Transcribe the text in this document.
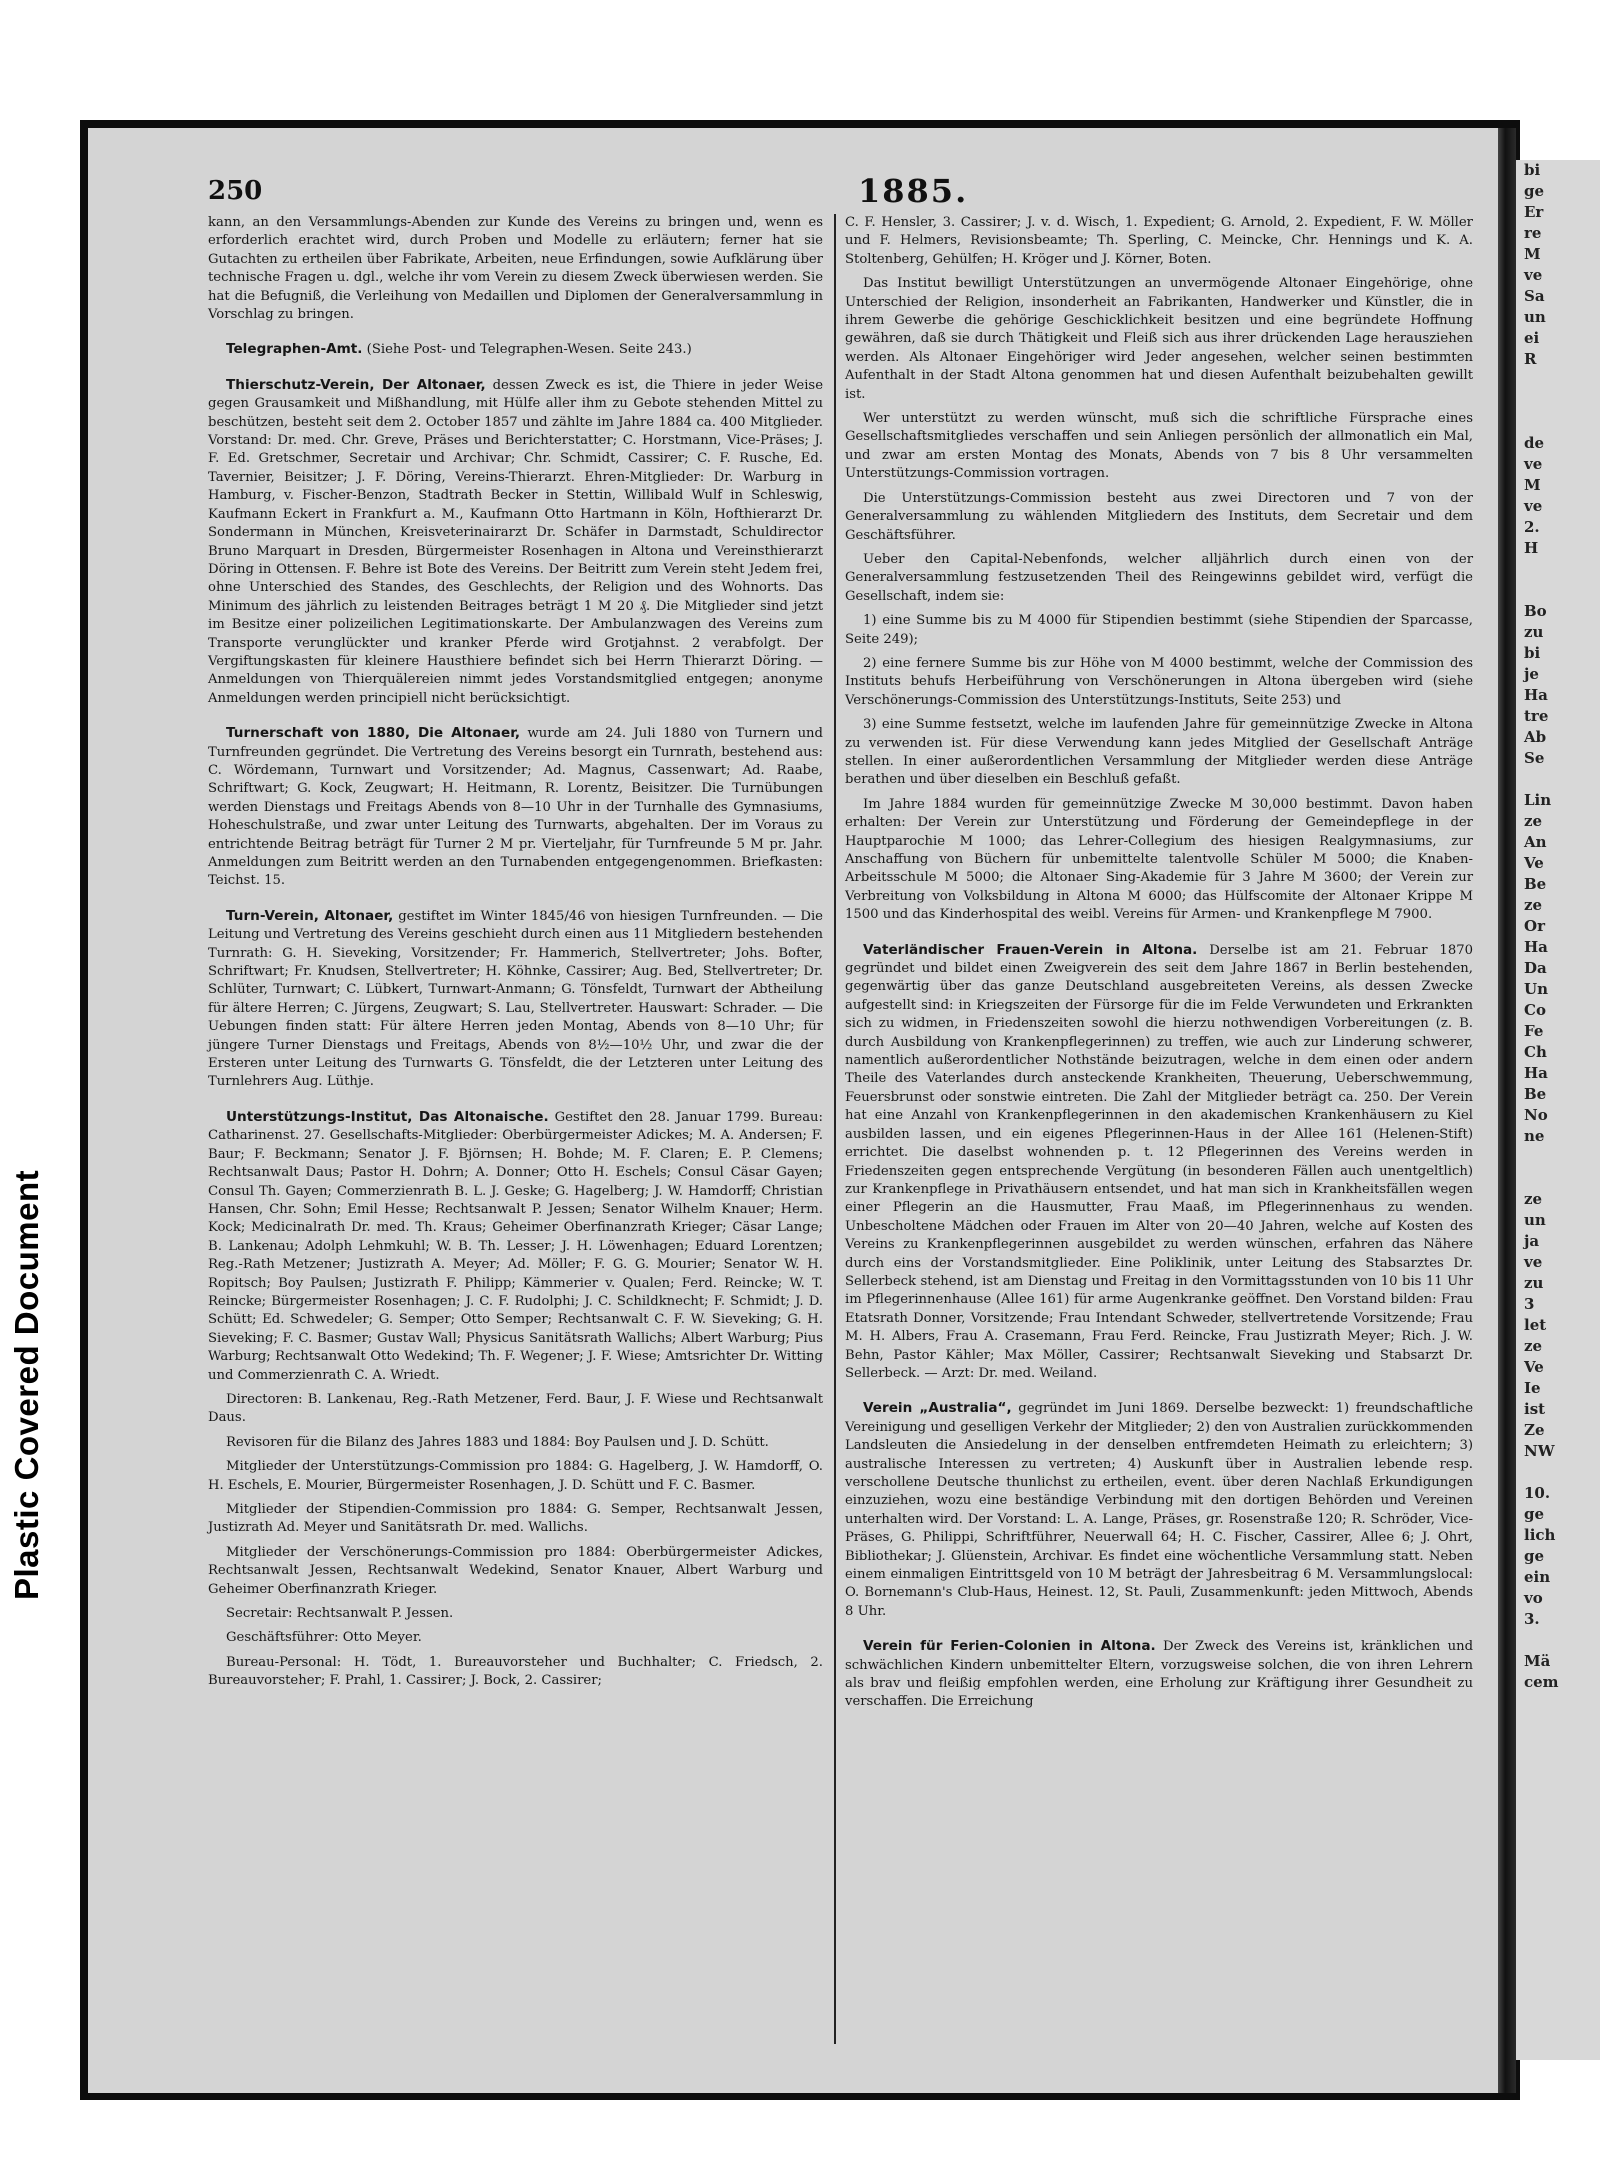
250	1885.

kann, an den Versammlungs-Abenden zur Kunde des Vereins zu bringen und, wenn es erforderlich erachtet wird, durch Proben und Modelle zu erläutern; ferner hat sie Gutachten zu ertheilen über Fabrikate, Arbeiten, neue Erfindungen, sowie Aufklärung über technische Fragen u. dgl., welche ihr vom Verein zu diesem Zweck überwiesen werden. Sie hat die Befugniß, die Verleihung von Medaillen und Diplomen der Generalversammlung in Vorschlag zu bringen.

Telegraphen-Amt. (Siehe Post- und Telegraphen-Wesen. Seite 243.)

Thierschutz-Verein, Der Altonaer, dessen Zweck es ist, die Thiere in jeder Weise gegen Grausamkeit und Mißhandlung, mit Hülfe aller ihm zu Gebote stehenden Mittel zu beschützen, besteht seit dem 2. October 1857 und zählte im Jahre 1884 ca. 400 Mitglieder. Vorstand: Dr. med. Chr. Greve, Präses und Berichterstatter; C. Horstmann, Vice-Präses; J. F. Ed. Gretschmer, Secretair und Archivar; Chr. Schmidt, Cassirer; C. F. Rusche, Ed. Tavernier, Beisitzer; J. F. Döring, Vereins-Thierarzt. Ehren-Mitglieder: Dr. Warburg in Hamburg, v. Fischer-Benzon, Stadtrath Becker in Stettin, Willibald Wulf in Schleswig, Kaufmann Eckert in Frankfurt a. M., Kaufmann Otto Hartmann in Köln, Hofthierarzt Dr. Sondermann in München, Kreisveterinairarzt Dr. Schäfer in Darmstadt, Schuldirector Bruno Marquart in Dresden, Bürgermeister Rosenhagen in Altona und Vereinsthierarzt Döring in Ottensen. F. Behre ist Bote des Vereins. Der Beitritt zum Verein steht Jedem frei, ohne Unterschied des Standes, des Geschlechts, der Religion und des Wohnorts. Das Minimum des jährlich zu leistenden Beitrages beträgt 1 M 20 ₰. Die Mitglieder sind jetzt im Besitze einer polizeilichen Legitimationskarte. Der Ambulanzwagen des Vereins zum Transporte verunglückter und kranker Pferde wird Grotjahnst. 2 verabfolgt. Der Vergiftungskasten für kleinere Hausthiere befindet sich bei Herrn Thierarzt Döring. — Anmeldungen von Thierquälereien nimmt jedes Vorstandsmitglied entgegen; anonyme Anmeldungen werden principiell nicht berücksichtigt.

Turnerschaft von 1880, Die Altonaer, wurde am 24. Juli 1880 von Turnern und Turnfreunden gegründet. Die Vertretung des Vereins besorgt ein Turnrath, bestehend aus: C. Wördemann, Turnwart und Vorsitzender; Ad. Magnus, Cassenwart; Ad. Raabe, Schriftwart; G. Kock, Zeugwart; H. Heitmann, R. Lorentz, Beisitzer. Die Turnübungen werden Dienstags und Freitags Abends von 8—10 Uhr in der Turnhalle des Gymnasiums, Hoheschulstraße, und zwar unter Leitung des Turnwarts, abgehalten. Der im Voraus zu entrichtende Beitrag beträgt für Turner 2 M pr. Vierteljahr, für Turnfreunde 5 M pr. Jahr. Anmeldungen zum Beitritt werden an den Turnabenden entgegengenommen. Briefkasten: Teichst. 15.

Turn-Verein, Altonaer, gestiftet im Winter 1845/46 von hiesigen Turnfreunden. — Die Leitung und Vertretung des Vereins geschieht durch einen aus 11 Mitgliedern bestehenden Turnrath: G. H. Sieveking, Vorsitzender; Fr. Hammerich, Stellvertreter; Johs. Bofter, Schriftwart; Fr. Knudsen, Stellvertreter; H. Köhnke, Cassirer; Aug. Bed, Stellvertreter; Dr. Schlüter, Turnwart; C. Lübkert, Turnwart-Anmann; G. Tönsfeldt, Turnwart der Abtheilung für ältere Herren; C. Jürgens, Zeugwart; S. Lau, Stellvertreter. Hauswart: Schrader. — Die Uebungen finden statt: Für ältere Herren jeden Montag, Abends von 8—10 Uhr; für jüngere Turner Dienstags und Freitags, Abends von 8½—10½ Uhr, und zwar die der Ersteren unter Leitung des Turnwarts G. Tönsfeldt, die der Letzteren unter Leitung des Turnlehrers Aug. Lüthje.

Unterstützungs-Institut, Das Altonaische. Gestiftet den 28. Januar 1799. Bureau: Catharinenst. 27. Gesellschafts-Mitglieder: Oberbürgermeister Adickes; M. A. Andersen; F. Baur; F. Beckmann; Senator J. F. Björnsen; H. Bohde; M. F. Claren; E. P. Clemens; Rechtsanwalt Daus; Pastor H. Dohrn; A. Donner; Otto H. Eschels; Consul Cäsar Gayen; Consul Th. Gayen; Commerzienrath B. L. J. Geske; G. Hagelberg; J. W. Hamdorff; Christian Hansen, Chr. Sohn; Emil Hesse; Rechtsanwalt P. Jessen; Senator Wilhelm Knauer; Herm. Kock; Medicinalrath Dr. med. Th. Kraus; Geheimer Oberfinanzrath Krieger; Cäsar Lange; B. Lankenau; Adolph Lehmkuhl; W. B. Th. Lesser; J. H. Löwenhagen; Eduard Lorentzen; Reg.-Rath Metzener; Justizrath A. Meyer; Ad. Möller; F. G. G. Mourier; Senator W. H. Ropitsch; Boy Paulsen; Justizrath F. Philipp; Kämmerier v. Qualen; Ferd. Reincke; W. T. Reincke; Bürgermeister Rosenhagen; J. C. F. Rudolphi; J. C. Schildknecht; F. Schmidt; J. D. Schütt; Ed. Schwedeler; G. Semper; Otto Semper; Rechtsanwalt C. F. W. Sieveking; G. H. Sieveking; F. C. Basmer; Gustav Wall; Physicus Sanitätsrath Wallichs; Albert Warburg; Pius Warburg; Rechtsanwalt Otto Wedekind; Th. F. Wegener; J. F. Wiese; Amtsrichter Dr. Witting und Commerzienrath C. A. Wriedt.

Directoren: B. Lankenau, Reg.-Rath Metzener, Ferd. Baur, J. F. Wiese und Rechtsanwalt Daus.

Revisoren für die Bilanz des Jahres 1883 und 1884: Boy Paulsen und J. D. Schütt.

Mitglieder der Unterstützungs-Commission pro 1884: G. Hagelberg, J. W. Hamdorff, O. H. Eschels, E. Mourier, Bürgermeister Rosenhagen, J. D. Schütt und F. C. Basmer.

Mitglieder der Stipendien-Commission pro 1884: G. Semper, Rechtsanwalt Jessen, Justizrath Ad. Meyer und Sanitätsrath Dr. med. Wallichs.

Mitglieder der Verschönerungs-Commission pro 1884: Oberbürgermeister Adickes, Rechtsanwalt Jessen, Rechtsanwalt Wedekind, Senator Knauer, Albert Warburg und Geheimer Oberfinanzrath Krieger.

Secretair: Rechtsanwalt P. Jessen.

Geschäftsführer: Otto Meyer.

Bureau-Personal: H. Tödt, 1. Bureauvorsteher und Buchhalter; C. Friedsch, 2. Bureauvorsteher; F. Prahl, 1. Cassirer; J. Bock, 2. Cassirer;

C. F. Hensler, 3. Cassirer; J. v. d. Wisch, 1. Expedient; G. Arnold, 2. Expedient, F. W. Möller und F. Helmers, Revisionsbeamte; Th. Sperling, C. Meincke, Chr. Hennings und K. A. Stoltenberg, Gehülfen; H. Kröger und J. Körner, Boten.

Das Institut bewilligt Unterstützungen an unvermögende Altonaer Eingehörige, ohne Unterschied der Religion, insonderheit an Fabrikanten, Handwerker und Künstler, die in ihrem Gewerbe die gehörige Geschicklichkeit besitzen und eine begründete Hoffnung gewähren, daß sie durch Thätigkeit und Fleiß sich aus ihrer drückenden Lage herausziehen werden. Als Altonaer Eingehöriger wird Jeder angesehen, welcher seinen bestimmten Aufenthalt in der Stadt Altona genommen hat und diesen Aufenthalt beizubehalten gewillt ist.

Wer unterstützt zu werden wünscht, muß sich die schriftliche Fürsprache eines Gesellschaftsmitgliedes verschaffen und sein Anliegen persönlich der allmonatlich ein Mal, und zwar am ersten Montag des Monats, Abends von 7 bis 8 Uhr versammelten Unterstützungs-Commission vortragen.

Die Unterstützungs-Commission besteht aus zwei Directoren und 7 von der Generalversammlung zu wählenden Mitgliedern des Instituts, dem Secretair und dem Geschäftsführer.

Ueber den Capital-Nebenfonds, welcher alljährlich durch einen von der Generalversammlung festzusetzenden Theil des Reingewinns gebildet wird, verfügt die Gesellschaft, indem sie:

1) eine Summe bis zu M 4000 für Stipendien bestimmt (siehe Stipendien der Sparcasse, Seite 249);

2) eine fernere Summe bis zur Höhe von M 4000 bestimmt, welche der Commission des Instituts behufs Herbeiführung von Verschönerungen in Altona übergeben wird (siehe Verschönerungs-Commission des Unterstützungs-Instituts, Seite 253) und

3) eine Summe festsetzt, welche im laufenden Jahre für gemeinnützige Zwecke in Altona zu verwenden ist. Für diese Verwendung kann jedes Mitglied der Gesellschaft Anträge stellen. In einer außerordentlichen Versammlung der Mitglieder werden diese Anträge berathen und über dieselben ein Beschluß gefaßt.

Im Jahre 1884 wurden für gemeinnützige Zwecke M 30,000 bestimmt. Davon haben erhalten: Der Verein zur Unterstützung und Förderung der Gemeindepflege in der Hauptparochie M 1000; das Lehrer-Collegium des hiesigen Realgymnasiums, zur Anschaffung von Büchern für unbemittelte talentvolle Schüler M 5000; die Knaben-Arbeitsschule M 5000; die Altonaer Sing-Akademie für 3 Jahre M 3600; der Verein zur Verbreitung von Volksbildung in Altona M 6000; das Hülfscomite der Altonaer Krippe M 1500 und das Kinderhospital des weibl. Vereins für Armen- und Krankenpflege M 7900.

Vaterländischer Frauen-Verein in Altona. Derselbe ist am 21. Februar 1870 gegründet und bildet einen Zweigverein des seit dem Jahre 1867 in Berlin bestehenden, gegenwärtig über das ganze Deutschland ausgebreiteten Vereins, als dessen Zwecke aufgestellt sind: in Kriegszeiten der Fürsorge für die im Felde Verwundeten und Erkrankten sich zu widmen, in Friedenszeiten sowohl die hierzu nothwendigen Vorbereitungen (z. B. durch Ausbildung von Krankenpflegerinnen) zu treffen, wie auch zur Linderung schwerer, namentlich außerordentlicher Nothstände beizutragen, welche in dem einen oder andern Theile des Vaterlandes durch ansteckende Krankheiten, Theuerung, Ueberschwemmung, Feuersbrunst oder sonstwie eintreten. Die Zahl der Mitglieder beträgt ca. 250. Der Verein hat eine Anzahl von Krankenpflegerinnen in den akademischen Krankenhäusern zu Kiel ausbilden lassen, und ein eigenes Pflegerinnen-Haus in der Allee 161 (Helenen-Stift) errichtet. Die daselbst wohnenden p. t. 12 Pflegerinnen des Vereins werden in Friedenszeiten gegen entsprechende Vergütung (in besonderen Fällen auch unentgeltlich) zur Krankenpflege in Privathäusern entsendet, und hat man sich in Krankheitsfällen wegen einer Pflegerin an die Hausmutter, Frau Maaß, im Pflegerinnenhaus zu wenden. Unbescholtene Mädchen oder Frauen im Alter von 20—40 Jahren, welche auf Kosten des Vereins zu Krankenpflegerinnen ausgebildet zu werden wünschen, erfahren das Nähere durch eins der Vorstandsmitglieder. Eine Poliklinik, unter Leitung des Stabsarztes Dr. Sellerbeck stehend, ist am Dienstag und Freitag in den Vormittagsstunden von 10 bis 11 Uhr im Pflegerinnenhause (Allee 161) für arme Augenkranke geöffnet. Den Vorstand bilden: Frau Etatsrath Donner, Vorsitzende; Frau Intendant Schweder, stellvertretende Vorsitzende; Frau M. H. Albers, Frau A. Crasemann, Frau Ferd. Reincke, Frau Justizrath Meyer; Rich. J. W. Behn, Pastor Kähler; Max Möller, Cassirer; Rechtsanwalt Sieveking und Stabsarzt Dr. Sellerbeck. — Arzt: Dr. med. Weiland.

Verein „Australia“, gegründet im Juni 1869. Derselbe bezweckt: 1) freundschaftliche Vereinigung und geselligen Verkehr der Mitglieder; 2) den von Australien zurückkommenden Landsleuten die Ansiedelung in der denselben entfremdeten Heimath zu erleichtern; 3) australische Interessen zu vertreten; 4) Auskunft über in Australien lebende resp. verschollene Deutsche thunlichst zu ertheilen, event. über deren Nachlaß Erkundigungen einzuziehen, wozu eine beständige Verbindung mit den dortigen Behörden und Vereinen unterhalten wird. Der Vorstand: L. A. Lange, Präses, gr. Rosenstraße 120; R. Schröder, Vice-Präses, G. Philippi, Schriftführer, Neuerwall 64; H. C. Fischer, Cassirer, Allee 6; J. Ohrt, Bibliothekar; J. Glüenstein, Archivar. Es findet eine wöchentliche Versammlung statt. Neben einem einmaligen Eintrittsgeld von 10 M beträgt der Jahresbeitrag 6 M. Versammlungslocal: O. Bornemann's Club-Haus, Heinest. 12, St. Pauli, Zusammenkunft: jeden Mittwoch, Abends 8 Uhr.

Verein für Ferien-Colonien in Altona. Der Zweck des Vereins ist, kränklichen und schwächlichen Kindern unbemittelter Eltern, vorzugsweise solchen, die von ihren Lehrern als brav und fleißig empfohlen werden, eine Erholung zur Kräftigung ihrer Gesundheit zu verschaffen. Die Erreichung

bi
ge
Er
re
M
ve
Sa
un
ei
R

de
ve
M
ve
2.
H

Bo
zu
bi
je
Ha
tre
Ab
Se

Lin
ze
An
Ve
Be
ze
Or
Ha
Da
Un
Co
Fe
Ch
Ha
Be
No
ne

ze
un
ja
ve
zu
3
let
ze
Ve
Ie
ist
Ze
NW

10.
ge
lich
ge
ein
vo
3.

Mä
cem
Plastic Covered Document
